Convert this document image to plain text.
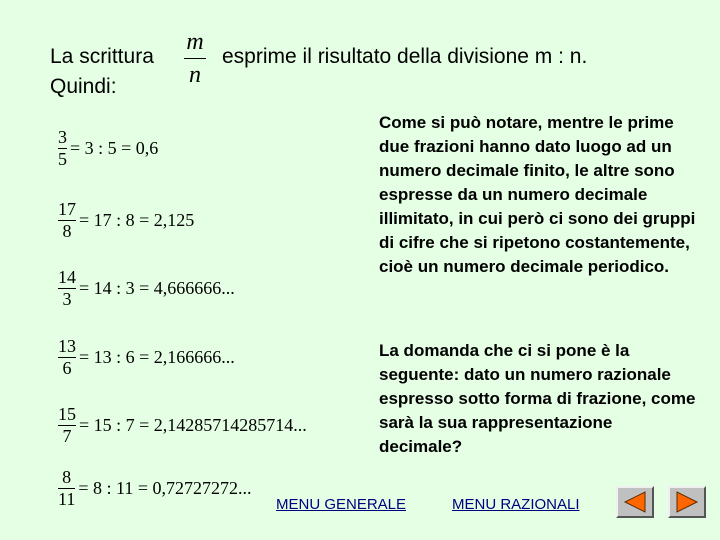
La scrittura
m
n
esprime il risultato della divisione m : n.
Quindi:
$\frac{3}{5} = 3$ : 5 = 0,6
$\frac{17}{8} = 17$ : 8 = 2,125
$\frac{14}{3} = 14$ : 3 = 4,666666...
$\frac{13}{6} = 13$ : 6 = 2,166666...
$\frac{15}{7} = 15$ : 7 = 2,14285714285714...
$\frac{8}{11} = 8$ : 11 = 0,72727272...
Come si può notare, mentre le prime due frazioni hanno dato luogo ad un numero decimale finito, le altre sono espresse da un numero decimale illimitato, in cui però ci sono dei gruppi di cifre che si ripetono costantemente, cioè un numero decimale periodico.
La domanda che ci si pone è la seguente: dato un numero razionale espresso sotto forma di frazione, come sarà la sua rappresentazione decimale?
MENU GENERALE	MENU RAZIONALI
